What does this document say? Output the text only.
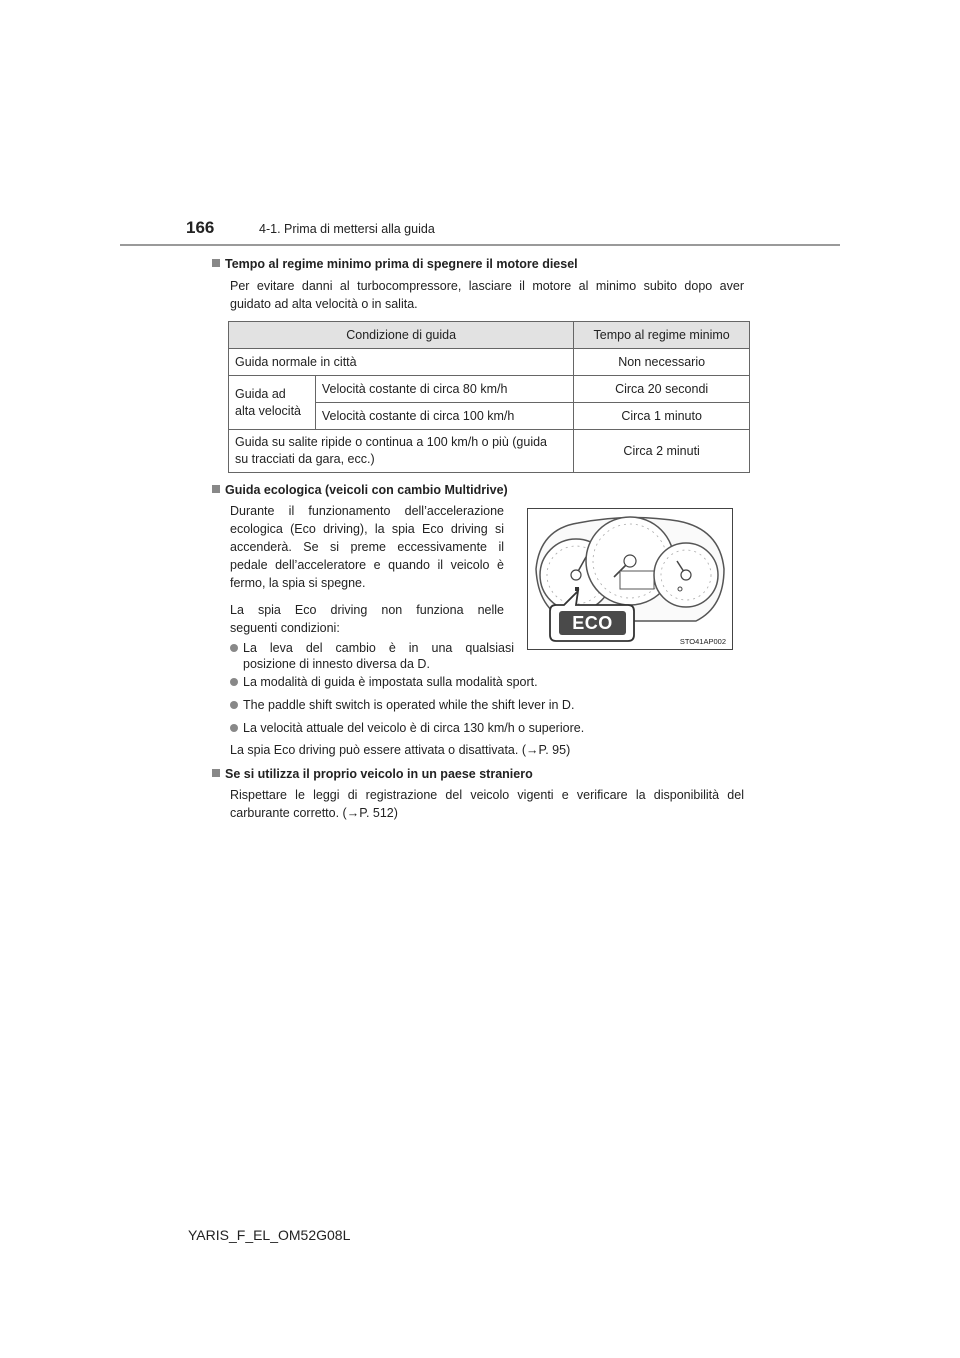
166	4-1. Prima di mettersi alla guida
Tempo al regime minimo prima di spegnere il motore diesel
Per evitare danni al turbocompressore, lasciare il motore al minimo subito dopo aver
guidato ad alta velocità o in salita.
Condizione di guida		Tempo al regime minimo
Guida normale in città		Non necessario
Guida ad alta velocità	Velocità costante di circa 80 km/h	Circa 20 secondi
	Velocità costante di circa 100 km/h	Circa 1 minuto

Guida su salite ripide o continua a 100 km/h o più (guida
su tracciati da gara, ecc.)		Circa 2 minuti
Guida ecologica (veicoli con cambio Multidrive)
Durante il funzionamento dell’accelerazione
ecologica (Eco driving), la spia Eco driving si
accenderà. Se si preme eccessivamente il
pedale dell’acceleratore e quando il veicolo è
fermo, la spia si spegne.
La spia Eco driving non funziona nelle
seguenti condizioni:
La leva del cambio è in una qualsiasi
posizione di innesto diversa da D.
La modalità di guida è impostata sulla modalità sport.
The paddle shift switch is operated while the shift lever in D.
La velocità attuale del veicolo è di circa 130 km/h o superiore.
La spia Eco driving può essere attivata o disattivata. (→P. 95)
ECO
STO41AP002
Se si utilizza il proprio veicolo in un paese straniero
Rispettare le leggi di registrazione del veicolo vigenti e verificare la disponibilità del
carburante corretto. (→P. 512)
YARIS_F_EL_OM52G08L
